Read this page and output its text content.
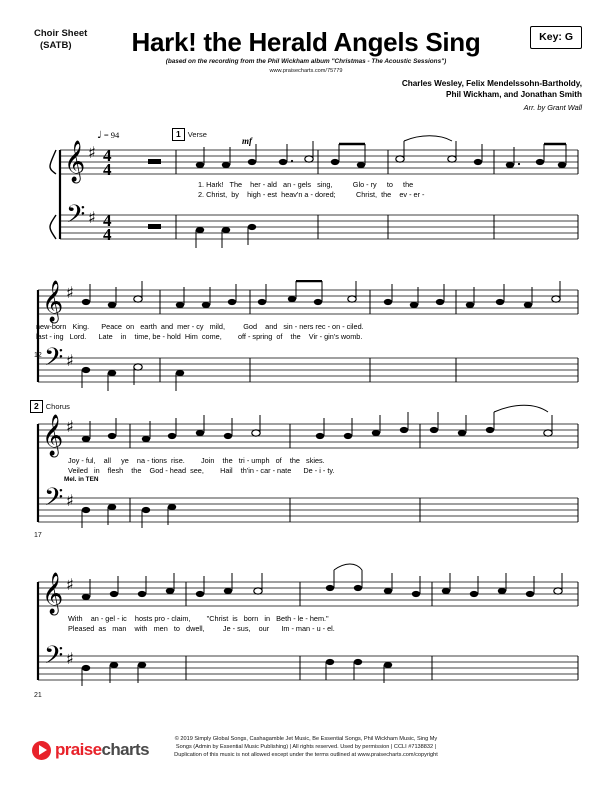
Choir Sheet
(SATB)	Hark! the Herald Angels Sing
(based on the recording from the Phil Wickham album "Christmas - The Acoustic Sessions")
www.praisecharts.com/75779
Key: G
Charles Wesley, Felix Mendelssohn-Bartholdy,
Phil Wickham, and Jonathan Smith
Arr. by Grant Wall
♩ = 94	1 Verse
mf
𝄞
𝄢
♯
♯
4
4
4
4
1. Hark!   The    her - ald   an - gels   sing,          Glo - ry     to     the
2. Christ,  by    high - est  heav'n a - dored;          Christ,  the    ev - er -
𝄞
𝄢
♯
♯
new-born   King.      Peace  on   earth  and  mer - cy   mild,         God    and   sin - ners rec - on - ciled.
last - ing   Lord.      Late    in    time, be - hold  Him  come,        off - spring  of    the    Vir - gin's womb.
12
2 Chorus
𝄞
𝄢
♯
♯
Joy - ful,    all     ye    na - tions  rise.        Join    the   tri - umph   of    the   skies.
Veiled   in    flesh    the    God - head  see,        Hail    th'in - car - nate      De - i - ty.
Mel. in TEN
17
𝄞
𝄢
♯
♯
With    an - gel - ic    hosts pro - claim,        "Christ  is   born   in   Beth - le - hem."
Pleased  as   man    with   men   to   dwell,         Je - sus,    our      Im - man - u - el.
21
© 2019 Simply Global Songs, Cashagamble Jet Music, Be Essential Songs, Phil Wickham Music, Sing My
Songs (Admin by Essential Music Publishing) | All rights reserved. Used by permission | CCLI #7138832 |
Duplication of this music is not allowed except under the terms outlined at www.praisecharts.com/copyright
praisecharts
